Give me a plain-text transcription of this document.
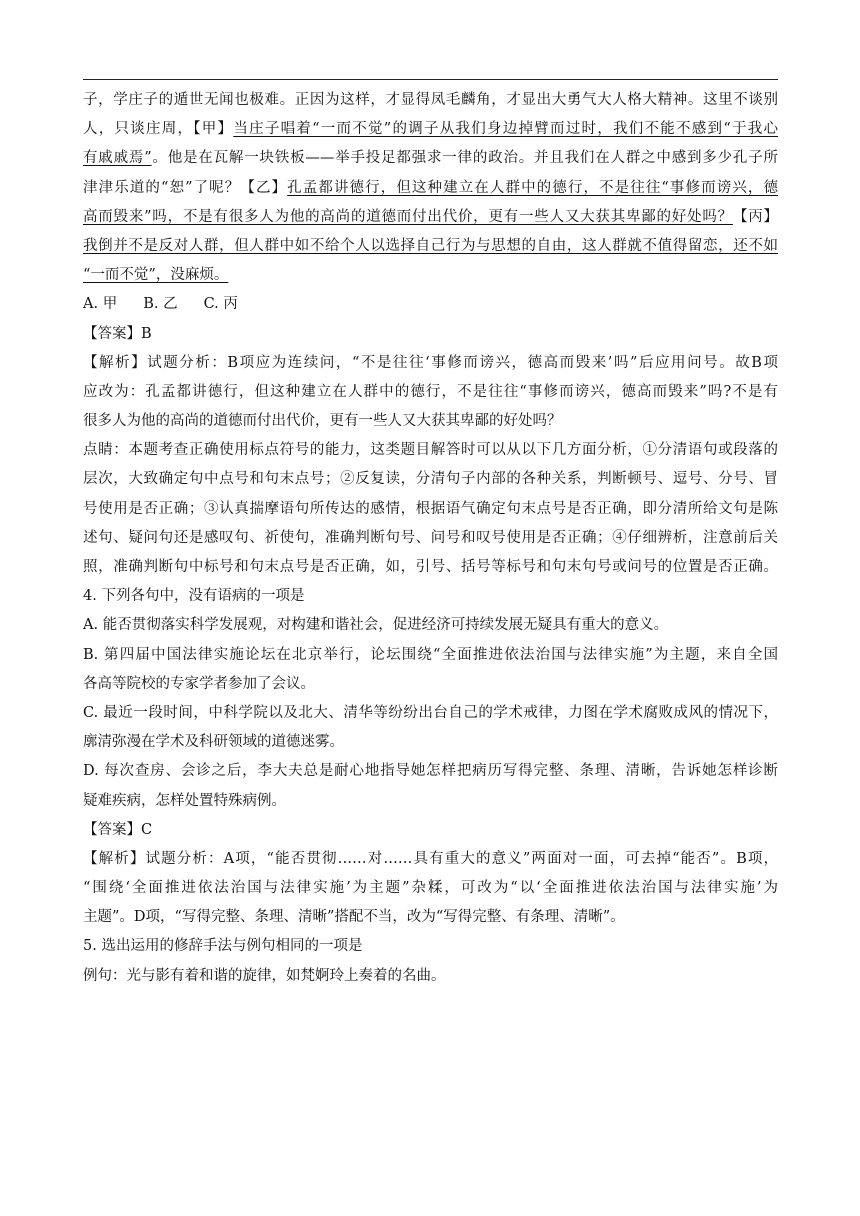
子，学庄子的遁世无闻也极难。正因为这样，才显得凤毛麟角，才显出大勇气大人格大精神。这里不谈别
人，只谈庄周，【甲】当庄子唱着“一而不觉”的调子从我们身边掉臂而过时，我们不能不感到“于我心
有戚戚焉”。他是在瓦解一块铁板——举手投足都强求一律的政治。并且我们在人群之中感到多少孔子所
津津乐道的“恕”了呢？【乙】孔孟都讲德行，但这种建立在人群中的德行，不是往往“事修而谤兴，德
高而毁来”吗，不是有很多人为他的高尚的道德而付出代价，更有一些人又大获其卑鄙的好处吗？【丙】
我倒并不是反对人群，但人群中如不给个人以选择自己行为与思想的自由，这人群就不值得留恋，还不如
“一而不觉”，没麻烦。
A. 甲 B. 乙 C. 丙
【答案】B
【解析】试题分析：B项应为连续问，“不是往往‘事修而谤兴，德高而毁来’吗”后应用问号。故B项
应改为：孔孟都讲德行，但这种建立在人群中的德行，不是往往“事修而谤兴，德高而毁来”吗?不是有
很多人为他的高尚的道德而付出代价，更有一些人又大获其卑鄙的好处吗？
点睛：本题考查正确使用标点符号的能力，这类题目解答时可以从以下几方面分析，①分清语句或段落的
层次，大致确定句中点号和句末点号；②反复读，分清句子内部的各种关系，判断顿号、逗号、分号、冒
号使用是否正确；③认真揣摩语句所传达的感情，根据语气确定句末点号是否正确，即分清所给文句是陈
述句、疑问句还是感叹句、祈使句，准确判断句号、问号和叹号使用是否正确；④仔细辨析，注意前后关
照，准确判断句中标号和句末点号是否正确，如，引号、括号等标号和句末句号或问号的位置是否正确。
4. 下列各句中，没有语病的一项是
A. 能否贯彻落实科学发展观，对构建和谐社会，促进经济可持续发展无疑具有重大的意义。
B. 第四届中国法律实施论坛在北京举行，论坛围绕“全面推进依法治国与法律实施”为主题，来自全国
各高等院校的专家学者参加了会议。
C. 最近一段时间，中科学院以及北大、清华等纷纷出台自己的学术戒律，力图在学术腐败成风的情况下，
廓清弥漫在学术及科研领域的道德迷雾。
D. 每次查房、会诊之后，李大夫总是耐心地指导她怎样把病历写得完整、条理、清晰，告诉她怎样诊断
疑难疾病，怎样处置特殊病例。
【答案】C
【解析】试题分析：A项，“能否贯彻……对……具有重大的意义”两面对一面，可去掉“能否”。B项，
“围绕‘全面推进依法治国与法律实施’为主题”杂糅，可改为“以‘全面推进依法治国与法律实施’为
主题”。D项，“写得完整、条理、清晰”搭配不当，改为“写得完整、有条理、清晰”。
5. 选出运用的修辞手法与例句相同的一项是
例句：光与影有着和谐的旋律，如梵婀玲上奏着的名曲。
